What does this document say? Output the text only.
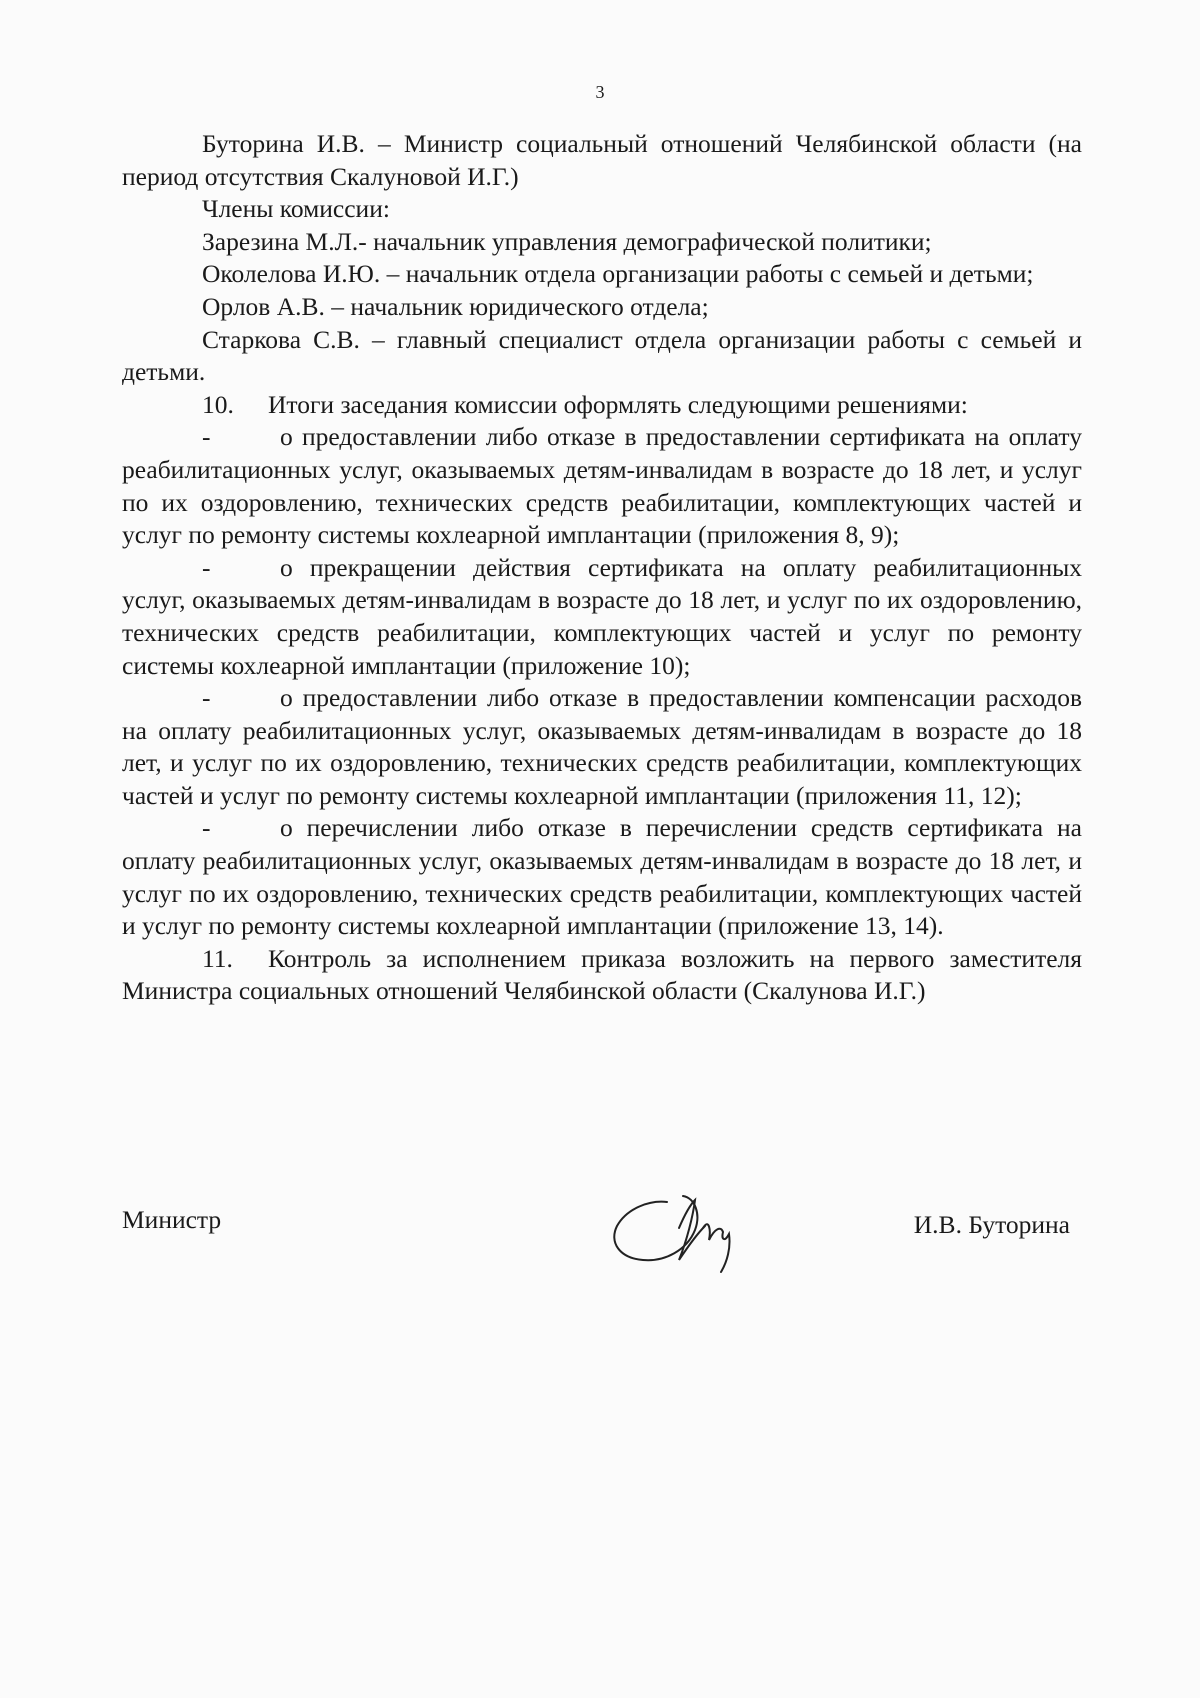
3

Буторина И.В. – Министр социальный отношений Челябинской области (на период отсутствия Скалуновой И.Г.)

Члены комиссии:

Зарезина М.Л.- начальник управления демографической политики;

Околелова И.Ю. – начальник отдела организации работы с семьей и детьми;

Орлов А.В. – начальник юридического отдела;

Старкова С.В. – главный специалист отдела организации работы с семьей и детьми.

10. Итоги заседания комиссии оформлять следующими решениями:

-	о предоставлении либо отказе в предоставлении сертификата на оплату реабилитационных услуг, оказываемых детям-инвалидам в возрасте до 18 лет, и услуг по их оздоровлению, технических средств реабилитации, комплектующих частей и услуг по ремонту системы кохлеарной имплантации (приложения 8, 9);

-	о прекращении действия сертификата на оплату реабилитационных услуг, оказываемых детям-инвалидам в возрасте до 18 лет, и услуг по их оздоровлению, технических средств реабилитации, комплектующих частей и услуг по ремонту системы кохлеарной имплантации (приложение 10);

-	о предоставлении либо отказе в предоставлении компенсации расходов на оплату реабилитационных услуг, оказываемых детям-инвалидам в возрасте до 18 лет, и услуг по их оздоровлению, технических средств реабилитации, комплектующих частей и услуг по ремонту системы кохлеарной имплантации (приложения 11, 12);

-	о перечислении либо отказе в перечислении средств сертификата на оплату реабилитационных услуг, оказываемых детям-инвалидам в возрасте до 18 лет, и услуг по их оздоровлению, технических средств реабилитации, комплектующих частей и услуг по ремонту системы кохлеарной имплантации (приложение 13, 14).

11. Контроль за исполнением приказа возложить на первого заместителя Министра социальных отношений Челябинской области (Скалунова И.Г.)

Министр	И.В. Буторина
